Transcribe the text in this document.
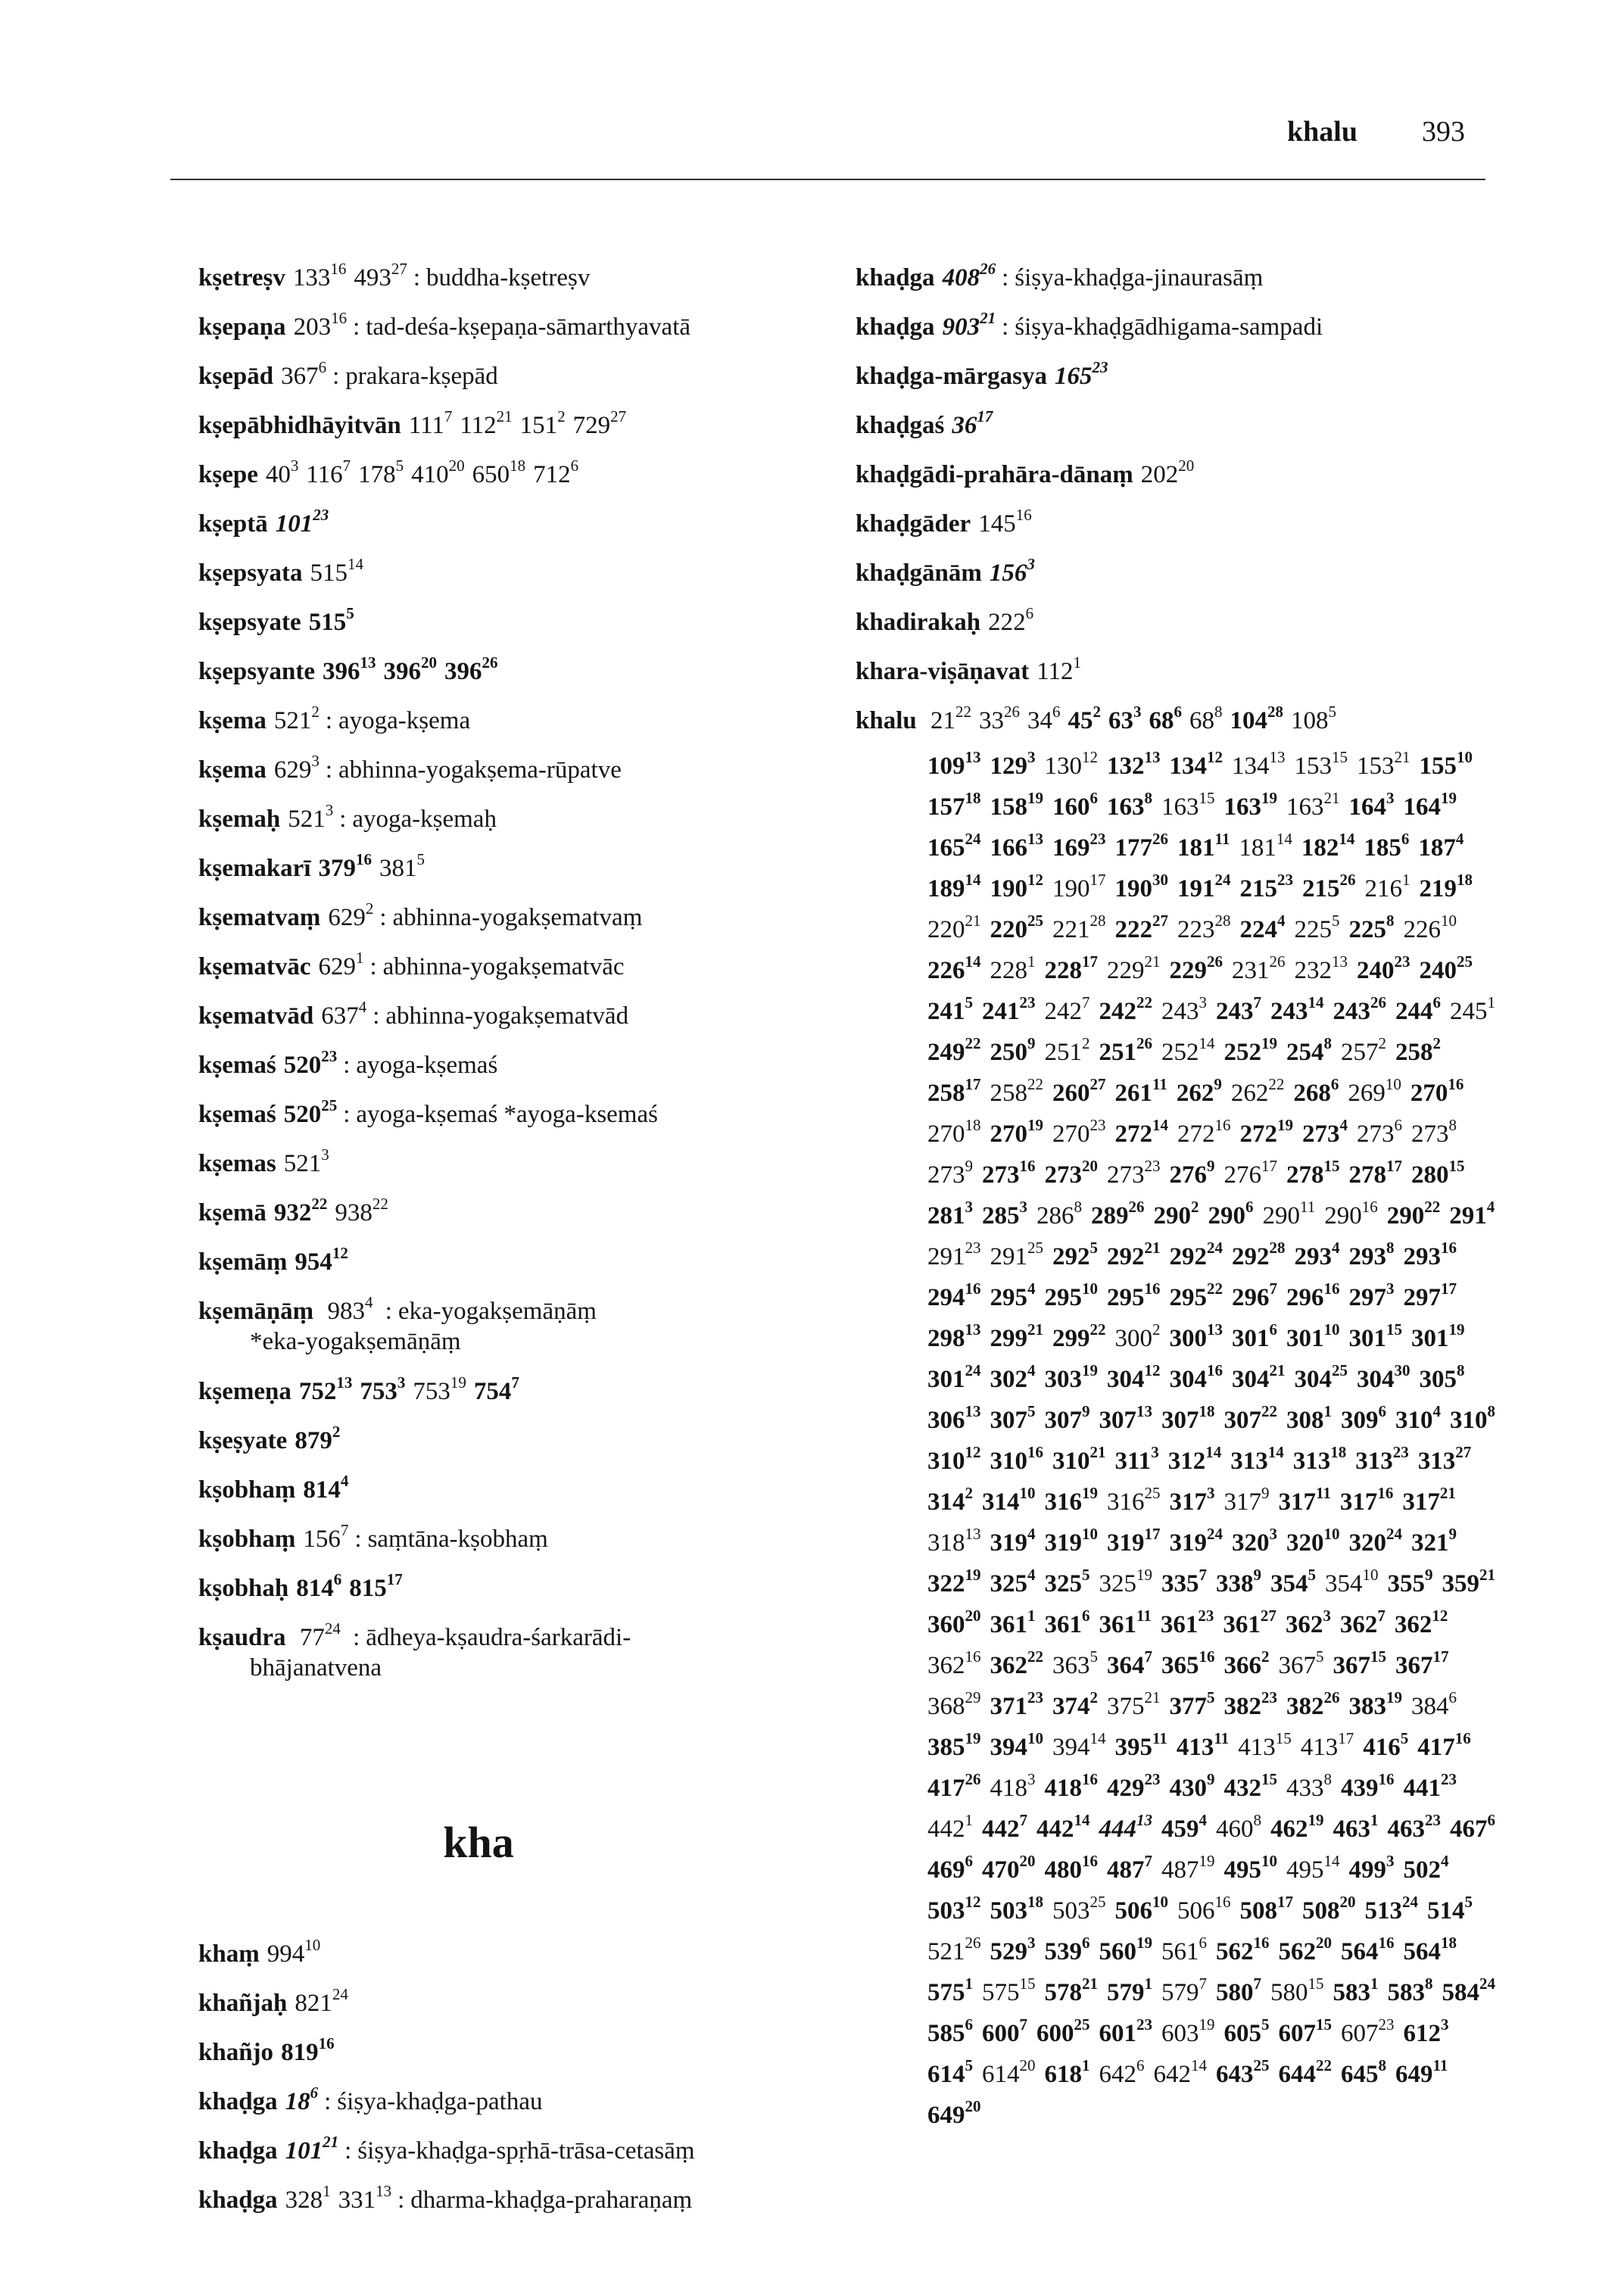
khalu 393
kṣetreṣv $133^{16}$ $493^{27}$ : buddha-kṣetreṣv
kṣepaṇa $203^{16}$ : tad-deśa-kṣepaṇa-sāmarthyavatā
kṣepād $367^6$ : prakara-kṣepād
kṣepābhidhāyitvān $111^7$ $112^{21}$ $151^2$ $729^{27}$
kṣepe $40^3$ $116^7$ $178^5$ $410^{20}$ $650^{18}$ $712^6$
kṣeptā $101^{23}$
kṣepsyata $515^{14}$
kṣepsyate $515^5$
kṣepsyante $396^{13}$ $396^{20}$ $396^{26}$
kṣema $521^2$ : ayoga-kṣema
kṣema $629^3$ : abhinna-yogakṣema-rūpatve
kṣemaḥ $521^3$ : ayoga-kṣemaḥ
kṣemakarī $379^{16}$ $381^5$
kṣematvaṃ $629^2$ : abhinna-yogakṣematvaṃ
kṣematvāc $629^1$ : abhinna-yogakṣematvāc
kṣematvād $637^4$ : abhinna-yogakṣematvād
kṣemaś $520^{23}$ : ayoga-kṣemaś
kṣemaś $520^{25}$ : ayoga-kṣemaś *ayoga-ksemaś
kṣemas $521^3$
kṣemā $932^{22}$ $938^{22}$
kṣemāṃ $954^{12}$
kṣemāṇāṃ $983^4$ : eka-yogakṣemāṇāṃ
*eka-yogakṣemāṇāṃ
kṣemeṇa $752^{13}$ $753^3$ $753^{19}$ $754^7$
kṣeṣyate $879^2$
kṣobhaṃ $814^4$
kṣobhaṃ $156^7$ : saṃtāna-kṣobhaṃ
kṣobhaḥ $814^6$ $815^{17}$
kṣaudra $77^{24}$ : ādheya-kṣaudra-śarkarādi-
bhājanatvena
kha
khaṃ $994^{10}$
khañjaḥ $821^{24}$
khañjo $819^{16}$
khaḍga $18^6$ : śiṣya-khaḍga-pathau
khaḍga $101^{21}$ : śiṣya-khaḍga-spṛhā-trāsa-cetasāṃ
khaḍga $328^1$ $331^{13}$ : dharma-khaḍga-praharaṇaṃ
khaḍga $408^{26}$ : śiṣya-khaḍga-jinaurasāṃ
khaḍga $903^{21}$ : śiṣya-khaḍgādhigama-sampadi
khaḍga-mārgasya $165^{23}$
khaḍgaś $36^{17}$
khaḍgādi-prahāra-dānaṃ $202^{20}$
khaḍgāder $145^{16}$
khaḍgānām $156^3$
khadirakaḥ $222^6$
khara-viṣāṇavat $112^1$
khalu $21^{22}$ $33^{26}$ $34^6$ $45^2$ $63^3$ $68^6$ $68^8$ $104^{28}$ $108^5$
$109^{13}$ $129^3$ $130^{12}$ $132^{13}$ $134^{12}$ $134^{13}$ $153^{15}$ $153^{21}$ $155^{10}157^{18}$ $158^{19}$ $160^6$ $163^8$ $163^{15}$ $163^{19}$ $163^{21}$ $164^3$ $164^{19}165^{24}$ $166^{13}$ $169^{23}$ $177^{26}$ $181^{11}$ $181^{14}$ $182^{14}$ $185^6$ $187^4189^{14}$ $190^{12}$ $190^{17}$ $190^{30}$ $191^{24}$ $215^{23}$ $215^{26}$ $216^1$ $219^{18}220^{21}$ $220^{25}$ $221^{28}$ $222^{27}$ $223^{28}$ $224^4$ $225^5$ $225^8$ $226^{10}226^{14}$ $228^1$ $228^{17}$ $229^{21}$ $229^{26}$ $231^{26}$ $232^{13}$ $240^{23}$ $240^{25}241^5$ $241^{23}$ $242^7$ $242^{22}$ $243^3$ $243^7$ $243^{14}$ $243^{26}$ $244^6$ $245^1249^{22}$ $250^9$ $251^2$ $251^{26}$ $252^{14}$ $252^{19}$ $254^8$ $257^2$ $258^2258^{17}$ $258^{22}$ $260^{27}$ $261^{11}$ $262^9$ $262^{22}$ $268^6$ $269^{10}$ $270^{16}270^{18}$ $270^{19}$ $270^{23}$ $272^{14}$ $272^{16}$ $272^{19}$ $273^4$ $273^6$ $273^8273^9$ $273^{16}$ $273^{20}$ $273^{23}$ $276^9$ $276^{17}$ $278^{15}$ $278^{17}$ $280^{15}281^3$ $285^3$ $286^8$ $289^{26}$ $290^2$ $290^6$ $290^{11}$ $290^{16}$ $290^{22}$ $291^4291^{23}$ $291^{25}$ $292^5$ $292^{21}$ $292^{24}$ $292^{28}$ $293^4$ $293^8$ $293^{16}294^{16}$ $295^4$ $295^{10}$ $295^{16}$ $295^{22}$ $296^7$ $296^{16}$ $297^3$ $297^{17}298^{13}$ $299^{21}$ $299^{22}$ $300^2$ $300^{13}$ $301^6$ $301^{10}$ $301^{15}$ $301^{19}301^{24}$ $302^4$ $303^{19}$ $304^{12}$ $304^{16}$ $304^{21}$ $304^{25}$ $304^{30}$ $305^8306^{13}$ $307^5$ $307^9$ $307^{13}$ $307^{18}$ $307^{22}$ $308^1$ $309^6$ $310^4$ $310^8310^{12}$ $310^{16}$ $310^{21}$ $311^3$ $312^{14}$ $313^{14}$ $313^{18}$ $313^{23}$ $313^{27}314^2$ $314^{10}$ $316^{19}$ $316^{25}$ $317^3$ $317^9$ $317^{11}$ $317^{16}$ $317^{21}318^{13}$ $319^4$ $319^{10}$ $319^{17}$ $319^{24}$ $320^3$ $320^{10}$ $320^{24}$ $321^9322^{19}$ $325^4$ $325^5$ $325^{19}$ $335^7$ $338^9$ $354^5$ $354^{10}$ $355^9$ $359^{21}360^{20}$ $361^1$ $361^6$ $361^{11}$ $361^{23}$ $361^{27}$ $362^3$ $362^7$ $362^{12}362^{16}$ $362^{22}$ $363^5$ $364^7$ $365^{16}$ $366^2$ $367^5$ $367^{15}$ $367^{17}368^{29}$ $371^{23}$ $374^2$ $375^{21}$ $377^5$ $382^{23}$ $382^{26}$ $383^{19}$ $384^6385^{19}$ $394^{10}$ $394^{14}$ $395^{11}$ $413^{11}$ $413^{15}$ $413^{17}$ $416^5$ $417^{16}417^{26}$ $418^3$ $418^{16}$ $429^{23}$ $430^9$ $432^{15}$ $433^8$ $439^{16}$ $441^{23}442^1$ $442^7$ $442^{14}$ $444^{13}$ $459^4$ $460^8$ $462^{19}$ $463^1$ $463^{23}$ $467^6469^6$ $470^{20}$ $480^{16}$ $487^7$ $487^{19}$ $495^{10}$ $495^{14}$ $499^3$ $502^4503^{12}$ $503^{18}$ $503^{25}$ $506^{10}$ $506^{16}$ $508^{17}$ $508^{20}$ $513^{24}$ $514^5521^{26}$ $529^3$ $539^6$ $560^{19}$ $561^6$ $562^{16}$ $562^{20}$ $564^{16}$ $564^{18}575^1$ $575^{15}$ $578^{21}$ $579^1$ $579^7$ $580^7$ $580^{15}$ $583^1$ $583^8$ $584^{24}585^6$ $600^7$ $600^{25}$ $601^{23}$ $603^{19}$ $605^5$ $607^{15}$ $607^{23}$ $612^3614^5$ $614^{20}$ $618^1$ $642^6$ $642^{14}$ $643^{25}$ $644^{22}$ $645^8$ $649^{11}649^{20}$
